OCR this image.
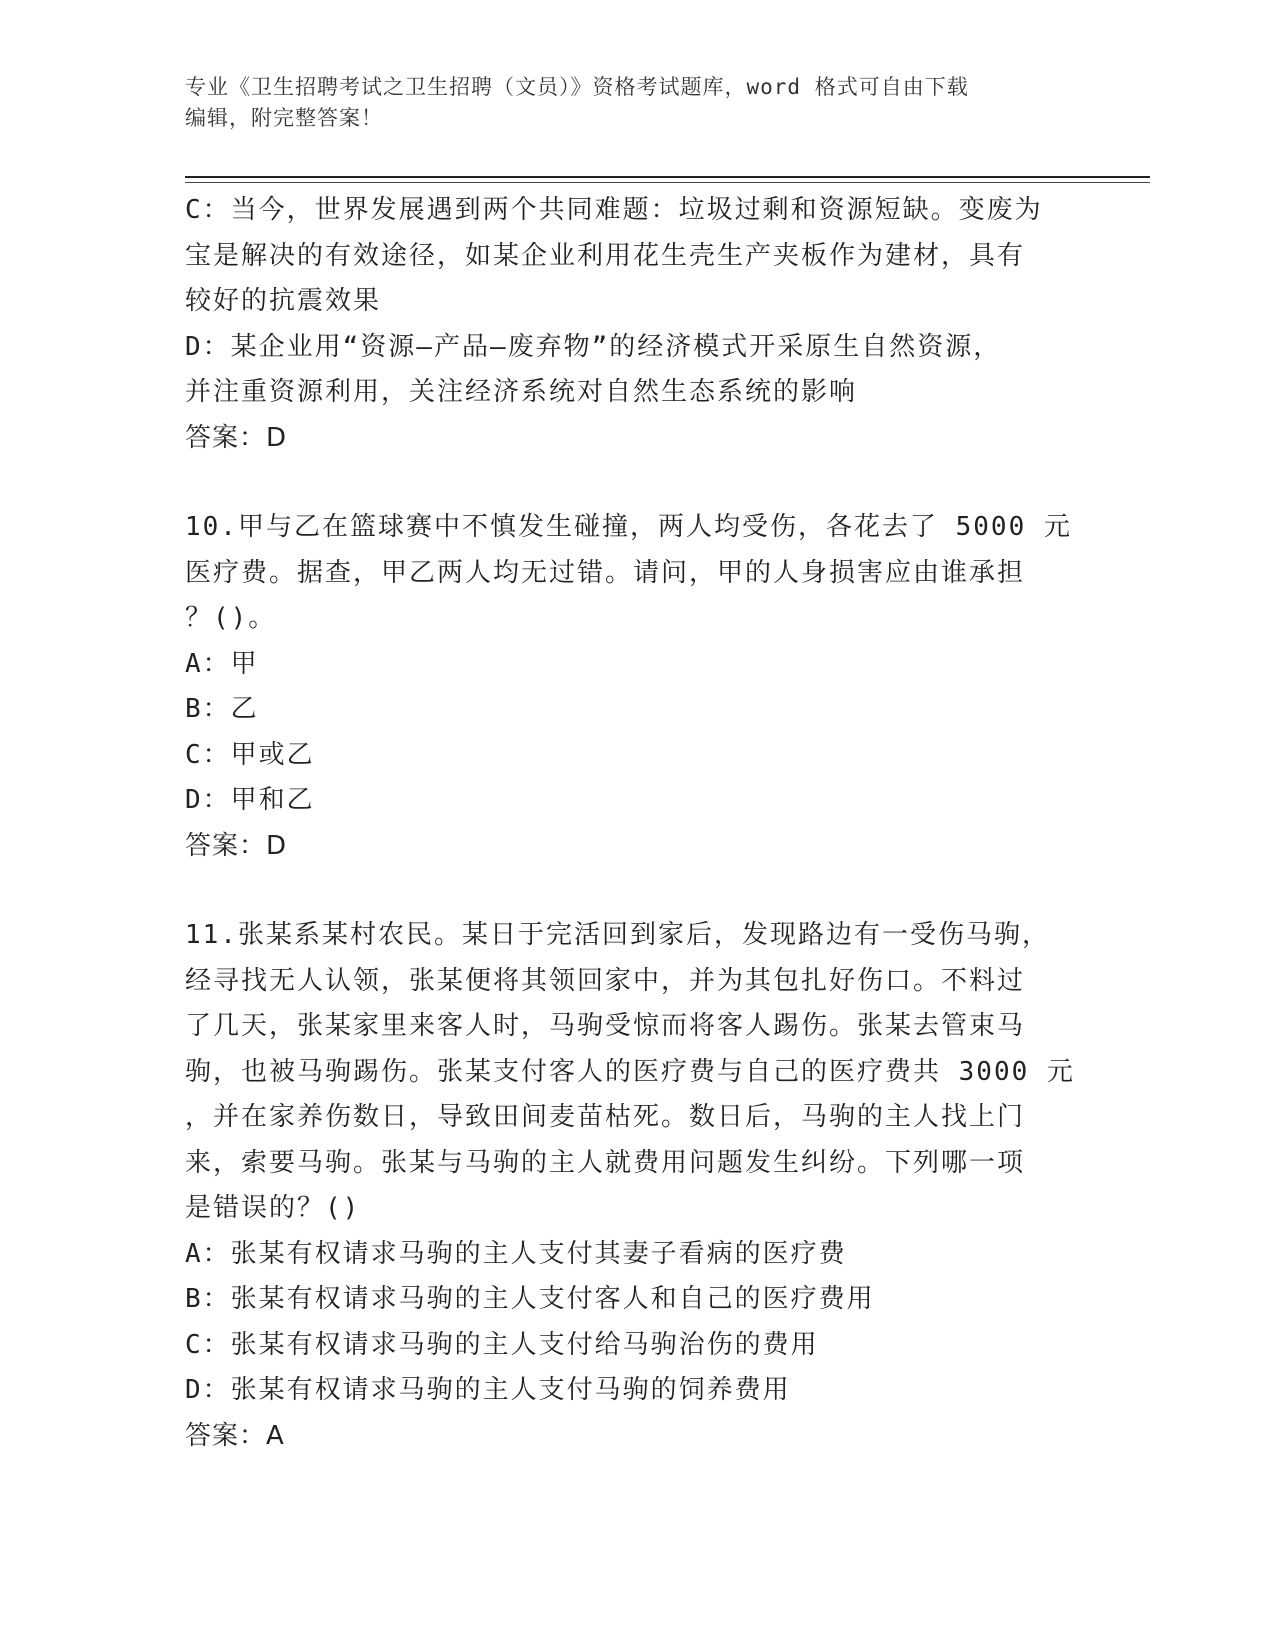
专业《卫生招聘考试之卫生招聘（文员）》资格考试题库，word 格式可自由下载
编辑，附完整答案！
C：当今，世界发展遇到两个共同难题：垃圾过剩和资源短缺。变废为
宝是解决的有效途径，如某企业利用花生壳生产夹板作为建材，具有
较好的抗震效果
D：某企业用“资源—产品—废弃物”的经济模式开采原生自然资源，
并注重资源利用，关注经济系统对自然生态系统的影响
答案：D
10.甲与乙在篮球赛中不慎发生碰撞，两人均受伤，各花去了 5000 元
医疗费。据查，甲乙两人均无过错。请问，甲的人身损害应由谁承担
？()。
A：甲
B：乙
C：甲或乙
D：甲和乙
答案：D
11.张某系某村农民。某日于完活回到家后，发现路边有一受伤马驹，
经寻找无人认领，张某便将其领回家中，并为其包扎好伤口。不料过
了几天，张某家里来客人时，马驹受惊而将客人踢伤。张某去管束马
驹，也被马驹踢伤。张某支付客人的医疗费与自己的医疗费共 3000 元
，并在家养伤数日，导致田间麦苗枯死。数日后，马驹的主人找上门
来，索要马驹。张某与马驹的主人就费用问题发生纠纷。下列哪一项
是错误的？()
A：张某有权请求马驹的主人支付其妻子看病的医疗费
B：张某有权请求马驹的主人支付客人和自己的医疗费用
C：张某有权请求马驹的主人支付给马驹治伤的费用
D：张某有权请求马驹的主人支付马驹的饲养费用
答案：A
